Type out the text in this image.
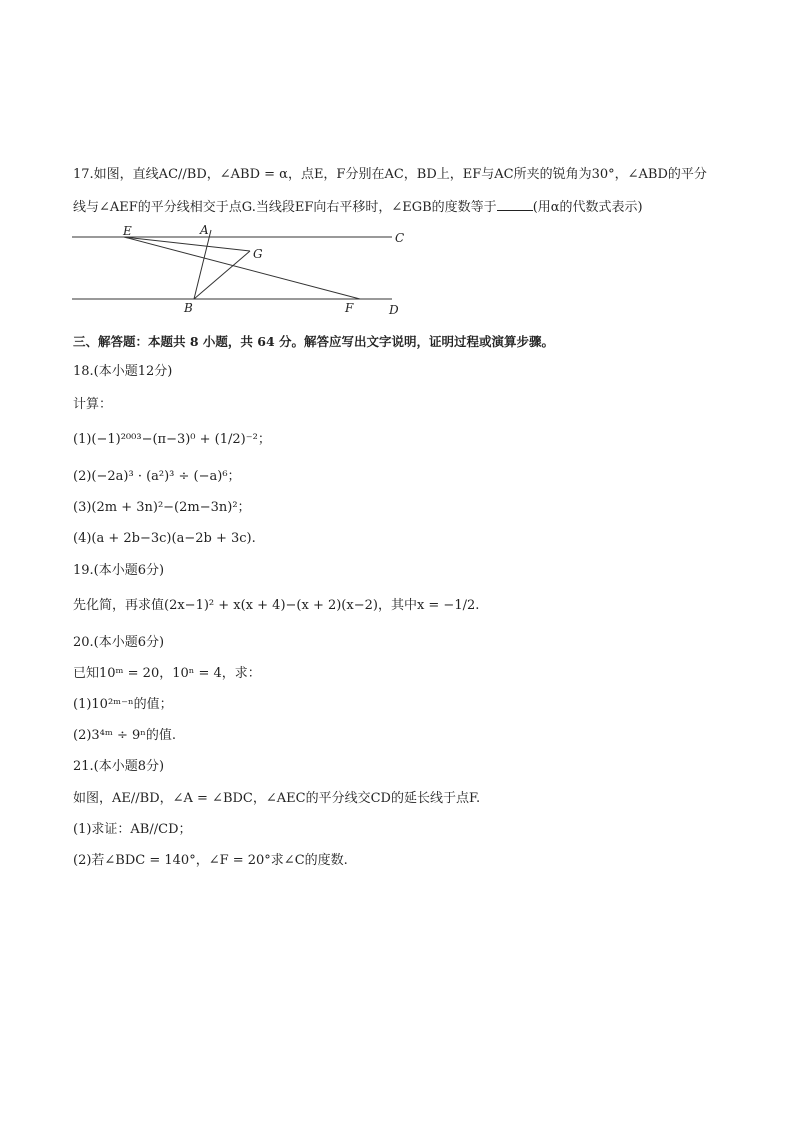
17.如图，直线AC//BD，∠ABD = α，点E，F分别在AC，BD上，EF与AC所夹的锐角为30°，∠ABD的平分
线与∠AEF的平分线相交于点G.当线段EF向右平移时，∠EGB的度数等于	(用α的代数式表示)
E	A
C
G
B	F	D
三、解答题：本题共 8 小题，共 64 分。解答应写出文字说明，证明过程或演算步骤。
18.(本小题12分)
计算：
(1)(−1)²⁰⁰³−(π−3)⁰ + (1/2)⁻²；
(2)(−2a)³ · (a²)³ ÷ (−a)⁶；
(3)(2m + 3n)²−(2m−3n)²；
(4)(a + 2b−3c)(a−2b + 3c).
19.(本小题6分)
先化简，再求值(2x−1)² + x(x + 4)−(x + 2)(x−2)，其中x = −1/2.
20.(本小题6分)
已知10ᵐ = 20，10ⁿ = 4，求：
(1)10²ᵐ⁻ⁿ的值；
(2)3⁴ᵐ ÷ 9ⁿ的值.
21.(本小题8分)
如图，AE//BD，∠A = ∠BDC，∠AEC的平分线交CD的延长线于点F.
(1)求证：AB//CD；
(2)若∠BDC = 140°，∠F = 20°求∠C的度数.
